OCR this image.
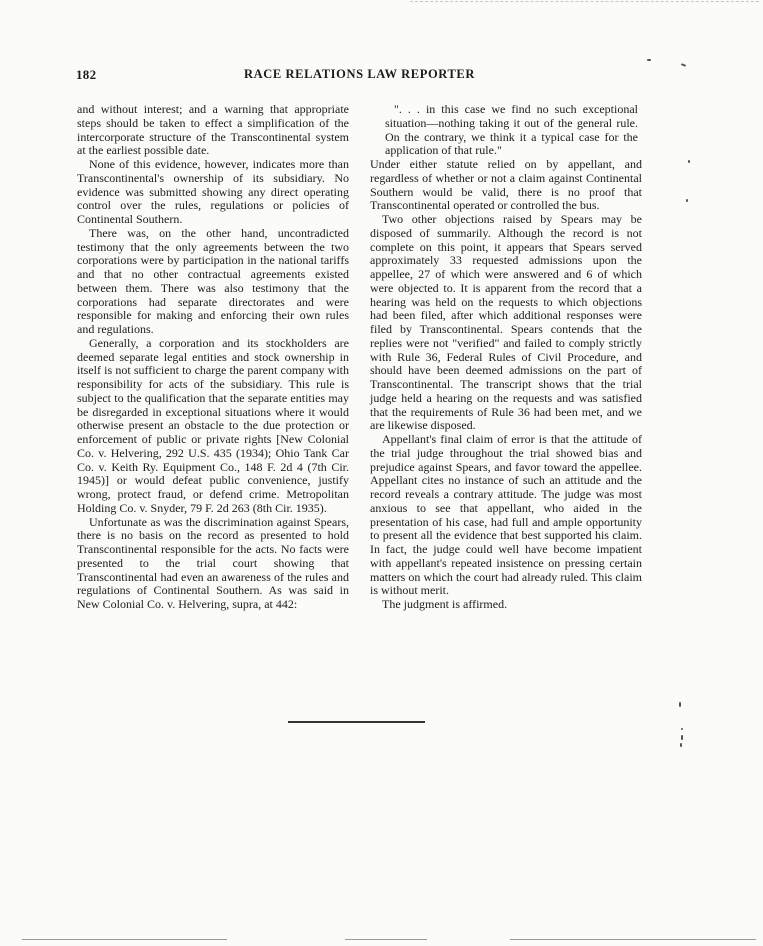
182	RACE RELATIONS LAW REPORTER

and without interest; and a warning that appropriate steps should be taken to effect a simplification of the intercorporate structure of the Transcontinental system at the earliest possible date.

None of this evidence, however, indicates more than Transcontinental's ownership of its subsidiary. No evidence was submitted showing any direct operating control over the rules, regulations or policies of Continental Southern.

There was, on the other hand, uncontradicted testimony that the only agreements between the two corporations were by participation in the national tariffs and that no other contractual agreements existed between them. There was also testimony that the corporations had separate directorates and were responsible for making and enforcing their own rules and regulations.

Generally, a corporation and its stockholders are deemed separate legal entities and stock ownership in itself is not sufficient to charge the parent company with responsibility for acts of the subsidiary. This rule is subject to the qualification that the separate entities may be disregarded in exceptional situations where it would otherwise present an obstacle to the due protection or enforcement of public or private rights [New Colonial Co. v. Helvering, 292 U.S. 435 (1934); Ohio Tank Car Co. v. Keith Ry. Equipment Co., 148 F. 2d 4 (7th Cir. 1945)] or would defeat public convenience, justify wrong, protect fraud, or defend crime. Metropolitan Holding Co. v. Snyder, 79 F. 2d 263 (8th Cir. 1935).

Unfortunate as was the discrimination against Spears, there is no basis on the record as presented to hold Transcontinental responsible for the acts. No facts were presented to the trial court showing that Transcontinental had even an awareness of the rules and regulations of Continental Southern. As was said in New Colonial Co. v. Helvering, supra, at 442:

". . . in this case we find no such exceptional situation—nothing taking it out of the general rule. On the contrary, we think it a typical case for the application of that rule."

Under either statute relied on by appellant, and regardless of whether or not a claim against Continental Southern would be valid, there is no proof that Transcontinental operated or controlled the bus.

Two other objections raised by Spears may be disposed of summarily. Although the record is not complete on this point, it appears that Spears served approximately 33 requested admissions upon the appellee, 27 of which were answered and 6 of which were objected to. It is apparent from the record that a hearing was held on the requests to which objections had been filed, after which additional responses were filed by Transcontinental. Spears contends that the replies were not "verified" and failed to comply strictly with Rule 36, Federal Rules of Civil Procedure, and should have been deemed admissions on the part of Transcontinental. The transcript shows that the trial judge held a hearing on the requests and was satisfied that the requirements of Rule 36 had been met, and we are likewise disposed.

Appellant's final claim of error is that the attitude of the trial judge throughout the trial showed bias and prejudice against Spears, and favor toward the appellee. Appellant cites no instance of such an attitude and the record reveals a contrary attitude. The judge was most anxious to see that appellant, who aided in the presentation of his case, had full and ample opportunity to present all the evidence that best supported his claim. In fact, the judge could well have become impatient with appellant's repeated insistence on pressing certain matters on which the court had already ruled. This claim is without merit.

The judgment is affirmed.
